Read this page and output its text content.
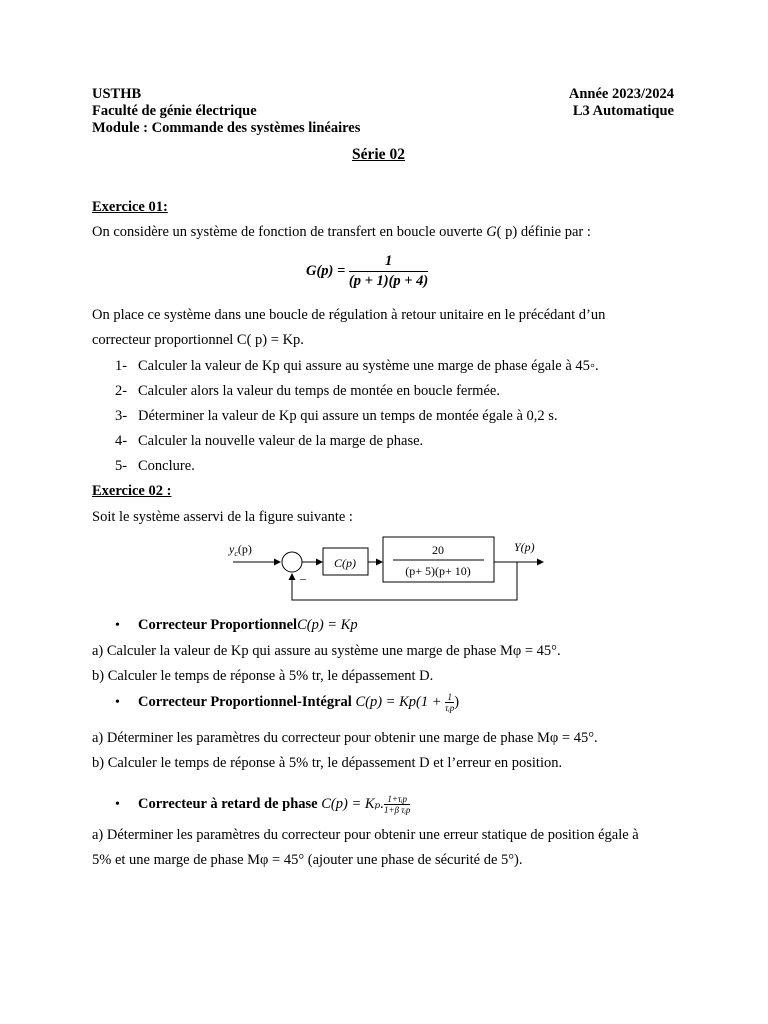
USTHB
Faculté de génie électrique
Module : Commande des systèmes linéaires
Année 2023/2024
L3 Automatique
Série 02
Exercice 01:
On considère un système de fonction de transfert en boucle ouverte G( p) définie par :
$G(p) = \frac{1}{(p + 1)(p + 4)}$
On place ce système dans une boucle de régulation à retour unitaire en le précédant d’un
correcteur proportionnel C( p) = Kp.
1- Calculer la valeur de Kp qui assure au système une marge de phase égale à 45◦.
2- Calculer alors la valeur du temps de montée en boucle fermée.
3- Déterminer la valeur de Kp qui assure un temps de montée égale à 0,2 s.
4- Calculer la nouvelle valeur de la marge de phase.
5- Conclure.
Exercice 02 :
Soit le système asservi de la figure suivante :
$y_c(p)$
–
C(p)
20
(p+ 5)(p+ 10)
Y(p)
• Correcteur ProportionnelC(p) = Kp
a) Calculer la valeur de Kp qui assure au système une marge de phase Mφ = 45°.
b) Calculer le temps de réponse à 5% tr, le dépassement D.
• Correcteur Proportionnel-Intégral $C(p) = Kp(1 + \frac{1}{\text{τᵢp}}$ )
a) Déterminer les paramètres du correcteur pour obtenir une marge de phase Mφ = 45°.
b) Calculer le temps de réponse à 5% tr, le dépassement D et l’erreur en position.
• Correcteur à retard de phase C(p) = Kₚ. $\frac{\text{1+τᵢp}}{\text{1+β τᵢp}}$
a) Déterminer les paramètres du correcteur pour obtenir une erreur statique de position égale à
5% et une marge de phase Mφ = 45° (ajouter une phase de sécurité de 5°).
